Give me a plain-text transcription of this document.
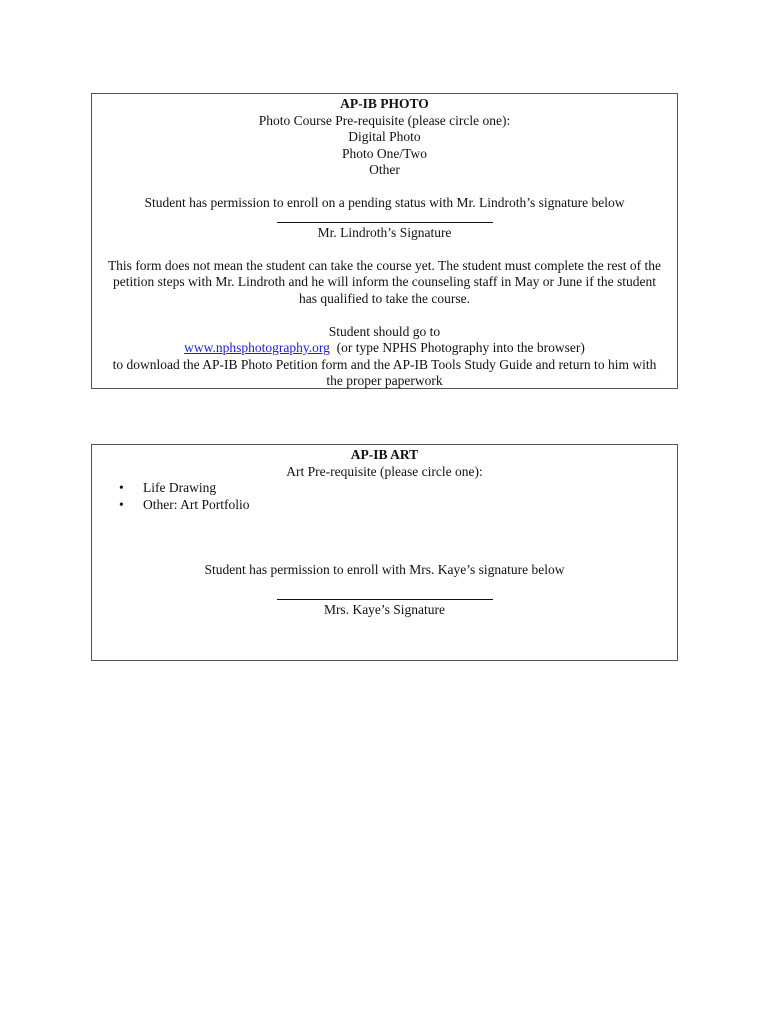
AP-IB PHOTO
Photo Course Pre-requisite (please circle one):
Digital Photo
Photo One/Two
Other
Student has permission to enroll on a pending status with Mr. Lindroth’s signature below
Mr. Lindroth’s Signature
This form does not mean the student can take the course yet. The student must complete the rest of the
petition steps with Mr. Lindroth and he will inform the counseling staff in May or June if the student
has qualified to take the course.
Student should go to
www.nphsphotography.org  (or type NPHS Photography into the browser)
to download the AP-IB Photo Petition form and the AP-IB Tools Study Guide and return to him with
the proper paperwork
AP-IB ART
Art Pre-requisite (please circle one):
• Life Drawing
• Other: Art Portfolio
Student has permission to enroll with Mrs. Kaye’s signature below
Mrs. Kaye’s Signature
